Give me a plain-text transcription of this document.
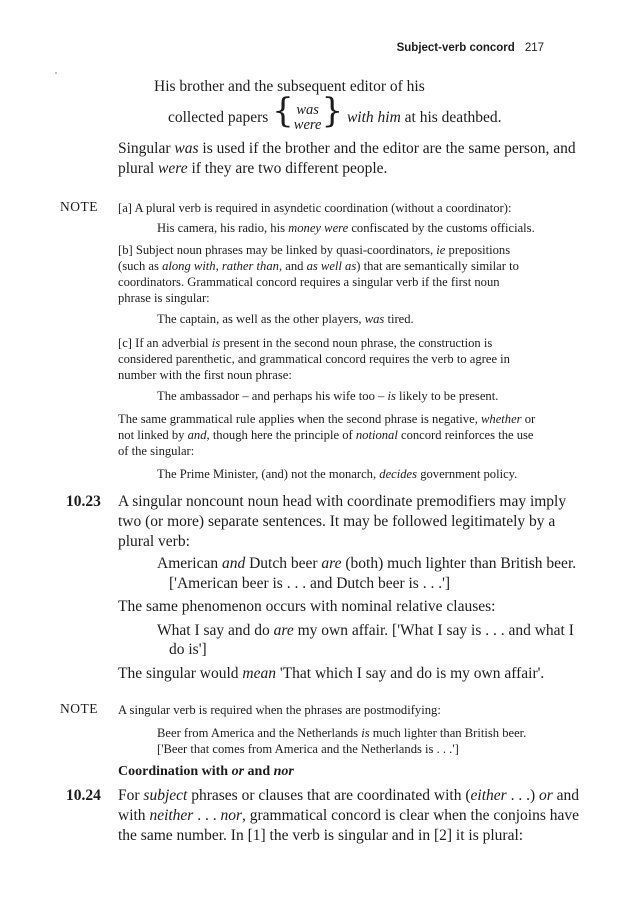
Subject-verb concord 217
His brother and the subsequent editor of his
collected papers { was
were} with him at his deathbed.
Singular was is used if the brother and the editor are the same person, and
plural were if they are two different people.
NOTE [a] A plural verb is required in asyndetic coordination (without a coordinator):
His camera, his radio, his money were confiscated by the customs officials.
[b] Subject noun phrases may be linked by quasi-coordinators, ie prepositions
(such as along with, rather than, and as well as) that are semantically similar to
coordinators. Grammatical concord requires a singular verb if the first noun
phrase is singular:
The captain, as well as the other players, was tired.
[c] If an adverbial is present in the second noun phrase, the construction is
considered parenthetic, and grammatical concord requires the verb to agree in
number with the first noun phrase:
The ambassador – and perhaps his wife too – is likely to be present.
The same grammatical rule applies when the second phrase is negative, whether or
not linked by and, though here the principle of notional concord reinforces the use
of the singular:
The Prime Minister, (and) not the monarch, decides government policy.
10.23 A singular noncount noun head with coordinate premodifiers may imply
two (or more) separate sentences. It may be followed legitimately by a
plural verb:
American and Dutch beer are (both) much lighter than British beer.
['American beer is . . . and Dutch beer is . . .']
The same phenomenon occurs with nominal relative clauses:
What I say and do are my own affair. ['What I say is . . . and what I
do is']
The singular would mean 'That which I say and do is my own affair'.
NOTE A singular verb is required when the phrases are postmodifying:
Beer from America and the Netherlands is much lighter than British beer.
['Beer that comes from America and the Netherlands is . . .']
Coordination with or and nor
10.24 For subject phrases or clauses that are coordinated with (either . . .) or and
with neither . . . nor, grammatical concord is clear when the conjoins have
the same number. In [1] the verb is singular and in [2] it is plural:
